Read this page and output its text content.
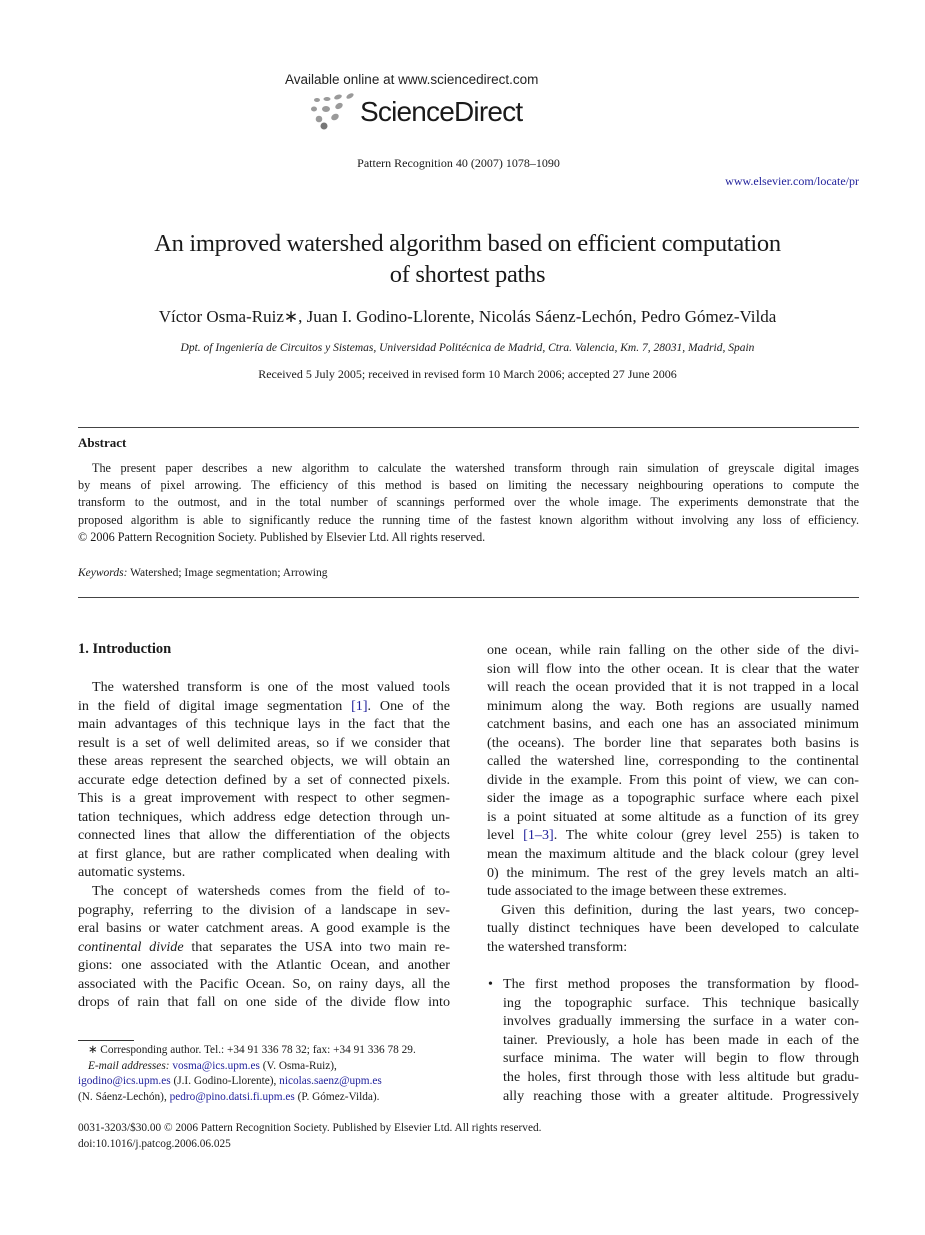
Available online at www.sciencedirect.com
ScienceDirect
Pattern Recognition 40 (2007) 1078–1090
www.elsevier.com/locate/pr
An improved watershed algorithm based on efficient computation
of shortest paths
Víctor Osma-Ruiz∗, Juan I. Godino-Llorente, Nicolás Sáenz-Lechón, Pedro Gómez-Vilda
Dpt. of Ingeniería de Circuitos y Sistemas, Universidad Politécnica de Madrid, Ctra. Valencia, Km. 7, 28031, Madrid, Spain
Received 5 July 2005; received in revised form 10 March 2006; accepted 27 June 2006
Abstract
The present paper describes a new algorithm to calculate the watershed transform through rain simulation of greyscale digital images
by means of pixel arrowing. The efficiency of this method is based on limiting the necessary neighbouring operations to compute the
transform to the outmost, and in the total number of scannings performed over the whole image. The experiments demonstrate that the
proposed algorithm is able to significantly reduce the running time of the fastest known algorithm without involving any loss of efficiency.
© 2006 Pattern Recognition Society. Published by Elsevier Ltd. All rights reserved.
Keywords: Watershed; Image segmentation; Arrowing
1. Introduction
The watershed transform is one of the most valued tools
in the field of digital image segmentation [1]. One of the
main advantages of this technique lays in the fact that the
result is a set of well delimited areas, so if we consider that
these areas represent the searched objects, we will obtain an
accurate edge detection defined by a set of connected pixels.
This is a great improvement with respect to other segmen-
tation techniques, which address edge detection through un-
connected lines that allow the differentiation of the objects
at first glance, but are rather complicated when dealing with
automatic systems.
The concept of watersheds comes from the field of to-
pography, referring to the division of a landscape in sev-
eral basins or water catchment areas. A good example is the
continental divide that separates the USA into two main re-
gions: one associated with the Atlantic Ocean, and another
associated with the Pacific Ocean. So, on rainy days, all the
drops of rain that fall on one side of the divide flow into
one ocean, while rain falling on the other side of the divi-
sion will flow into the other ocean. It is clear that the water
will reach the ocean provided that it is not trapped in a local
minimum along the way. Both regions are usually named
catchment basins, and each one has an associated minimum
(the oceans). The border line that separates both basins is
called the watershed line, corresponding to the continental
divide in the example. From this point of view, we can con-
sider the image as a topographic surface where each pixel
is a point situated at some altitude as a function of its grey
level [1–3]. The white colour (grey level 255) is taken to
mean the maximum altitude and the black colour (grey level
0) the minimum. The rest of the grey levels match an alti-
tude associated to the image between these extremes.
Given this definition, during the last years, two concep-
tually distinct techniques have been developed to calculate
the watershed transform:
• The first method proposes the transformation by flood-
ing the topographic surface. This technique basically
involves gradually immersing the surface in a water con-
tainer. Previously, a hole has been made in each of the
surface minima. The water will begin to flow through
the holes, first through those with less altitude but gradu-
ally reaching those with a greater altitude. Progressively
∗ Corresponding author. Tel.: +34 91 336 78 32; fax: +34 91 336 78 29.
E-mail addresses: vosma@ics.upm.es (V. Osma-Ruiz),
igodino@ics.upm.es (J.I. Godino-Llorente), nicolas.saenz@upm.es
(N. Sáenz-Lechón), pedro@pino.datsi.fi.upm.es (P. Gómez-Vilda).
0031-3203/$30.00 © 2006 Pattern Recognition Society. Published by Elsevier Ltd. All rights reserved.
doi:10.1016/j.patcog.2006.06.025
